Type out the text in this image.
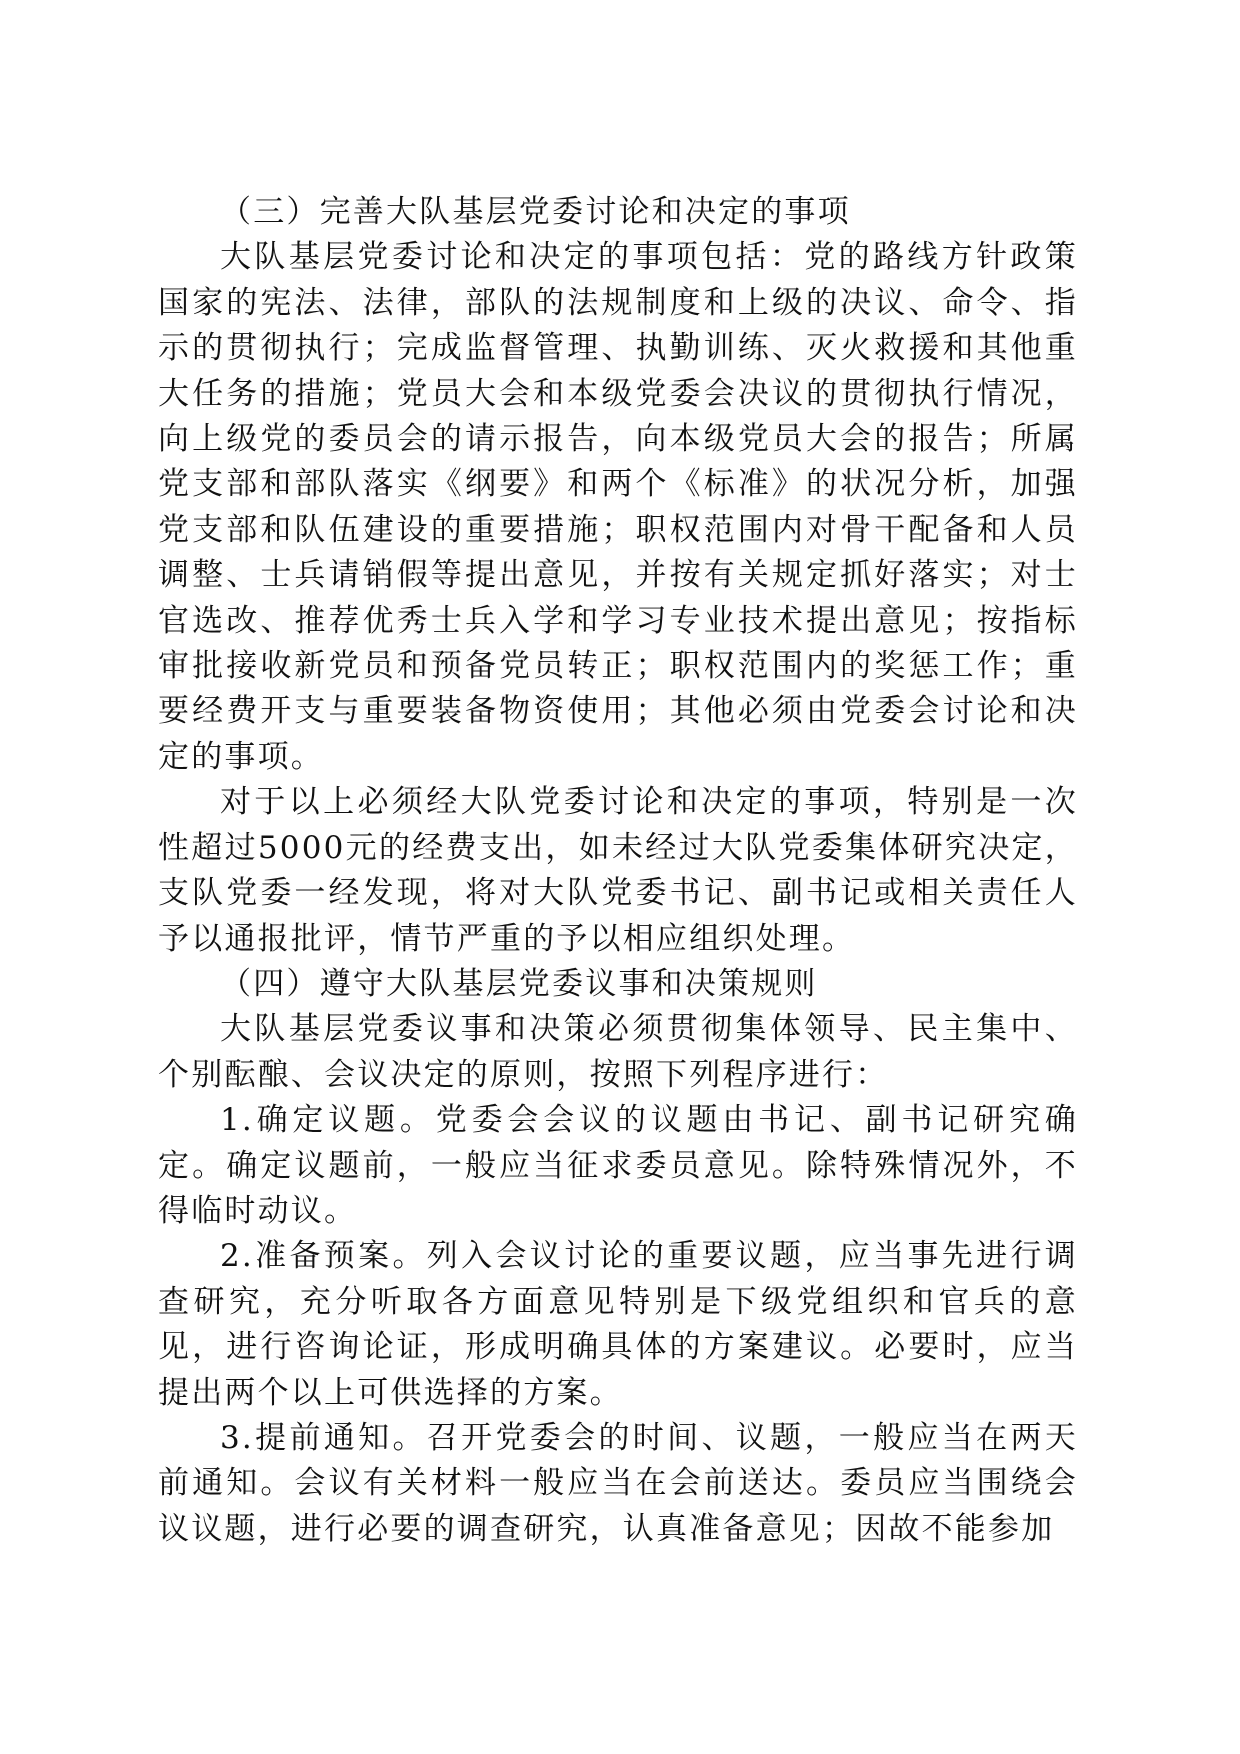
（三）完善大队基层党委讨论和决定的事项

大队基层党委讨论和决定的事项包括：党的路线方针政策国家的宪法、法律，部队的法规制度和上级的决议、命令、指示的贯彻执行；完成监督管理、执勤训练、灭火救援和其他重大任务的措施；党员大会和本级党委会决议的贯彻执行情况，向上级党的委员会的请示报告，向本级党员大会的报告；所属党支部和部队落实《纲要》和两个《标准》的状况分析，加强党支部和队伍建设的重要措施；职权范围内对骨干配备和人员调整、士兵请销假等提出意见，并按有关规定抓好落实；对士官选改、推荐优秀士兵入学和学习专业技术提出意见；按指标审批接收新党员和预备党员转正；职权范围内的奖惩工作；重要经费开支与重要装备物资使用；其他必须由党委会讨论和决定的事项。

对于以上必须经大队党委讨论和决定的事项，特别是一次性超过5000元的经费支出，如未经过大队党委集体研究决定，支队党委一经发现，将对大队党委书记、副书记或相关责任人予以通报批评，情节严重的予以相应组织处理。

（四）遵守大队基层党委议事和决策规则

大队基层党委议事和决策必须贯彻集体领导、民主集中、个别酝酿、会议决定的原则，按照下列程序进行：

1.确定议题。党委会会议的议题由书记、副书记研究确定。确定议题前，一般应当征求委员意见。除特殊情况外，不得临时动议。

2.准备预案。列入会议讨论的重要议题，应当事先进行调查研究，充分听取各方面意见特别是下级党组织和官兵的意见，进行咨询论证，形成明确具体的方案建议。必要时，应当提出两个以上可供选择的方案。

3.提前通知。召开党委会的时间、议题，一般应当在两天前通知。会议有关材料一般应当在会前送达。委员应当围绕会议议题，进行必要的调查研究，认真准备意见；因故不能参加
